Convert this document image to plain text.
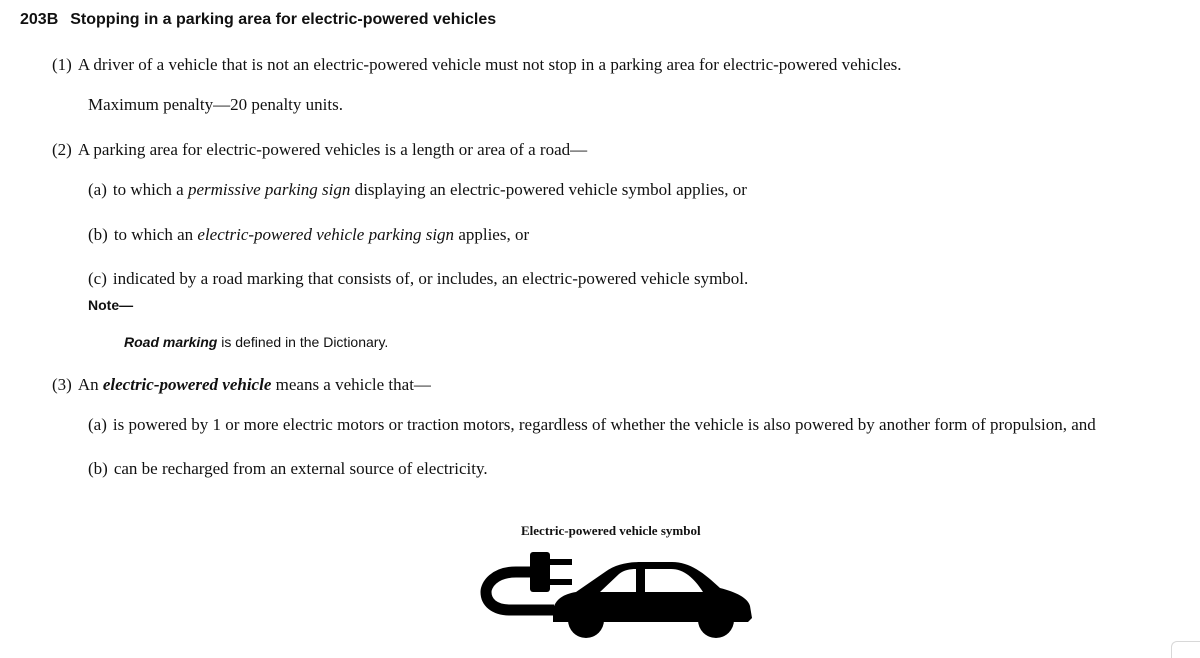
203B Stopping in a parking area for electric-powered vehicles
(1) A driver of a vehicle that is not an electric-powered vehicle must not stop in a parking area for electric-powered vehicles.
Maximum penalty—20 penalty units.
(2) A parking area for electric-powered vehicles is a length or area of a road—
(a) to which a permissive parking sign displaying an electric-powered vehicle symbol applies, or
(b) to which an electric-powered vehicle parking sign applies, or
(c) indicated by a road marking that consists of, or includes, an electric-powered vehicle symbol.
Note—
Road marking is defined in the Dictionary.
(3) An electric-powered vehicle means a vehicle that—
(a) is powered by 1 or more electric motors or traction motors, regardless of whether the vehicle is also powered by another form of propulsion, and
(b) can be recharged from an external source of electricity.
Electric-powered vehicle symbol
